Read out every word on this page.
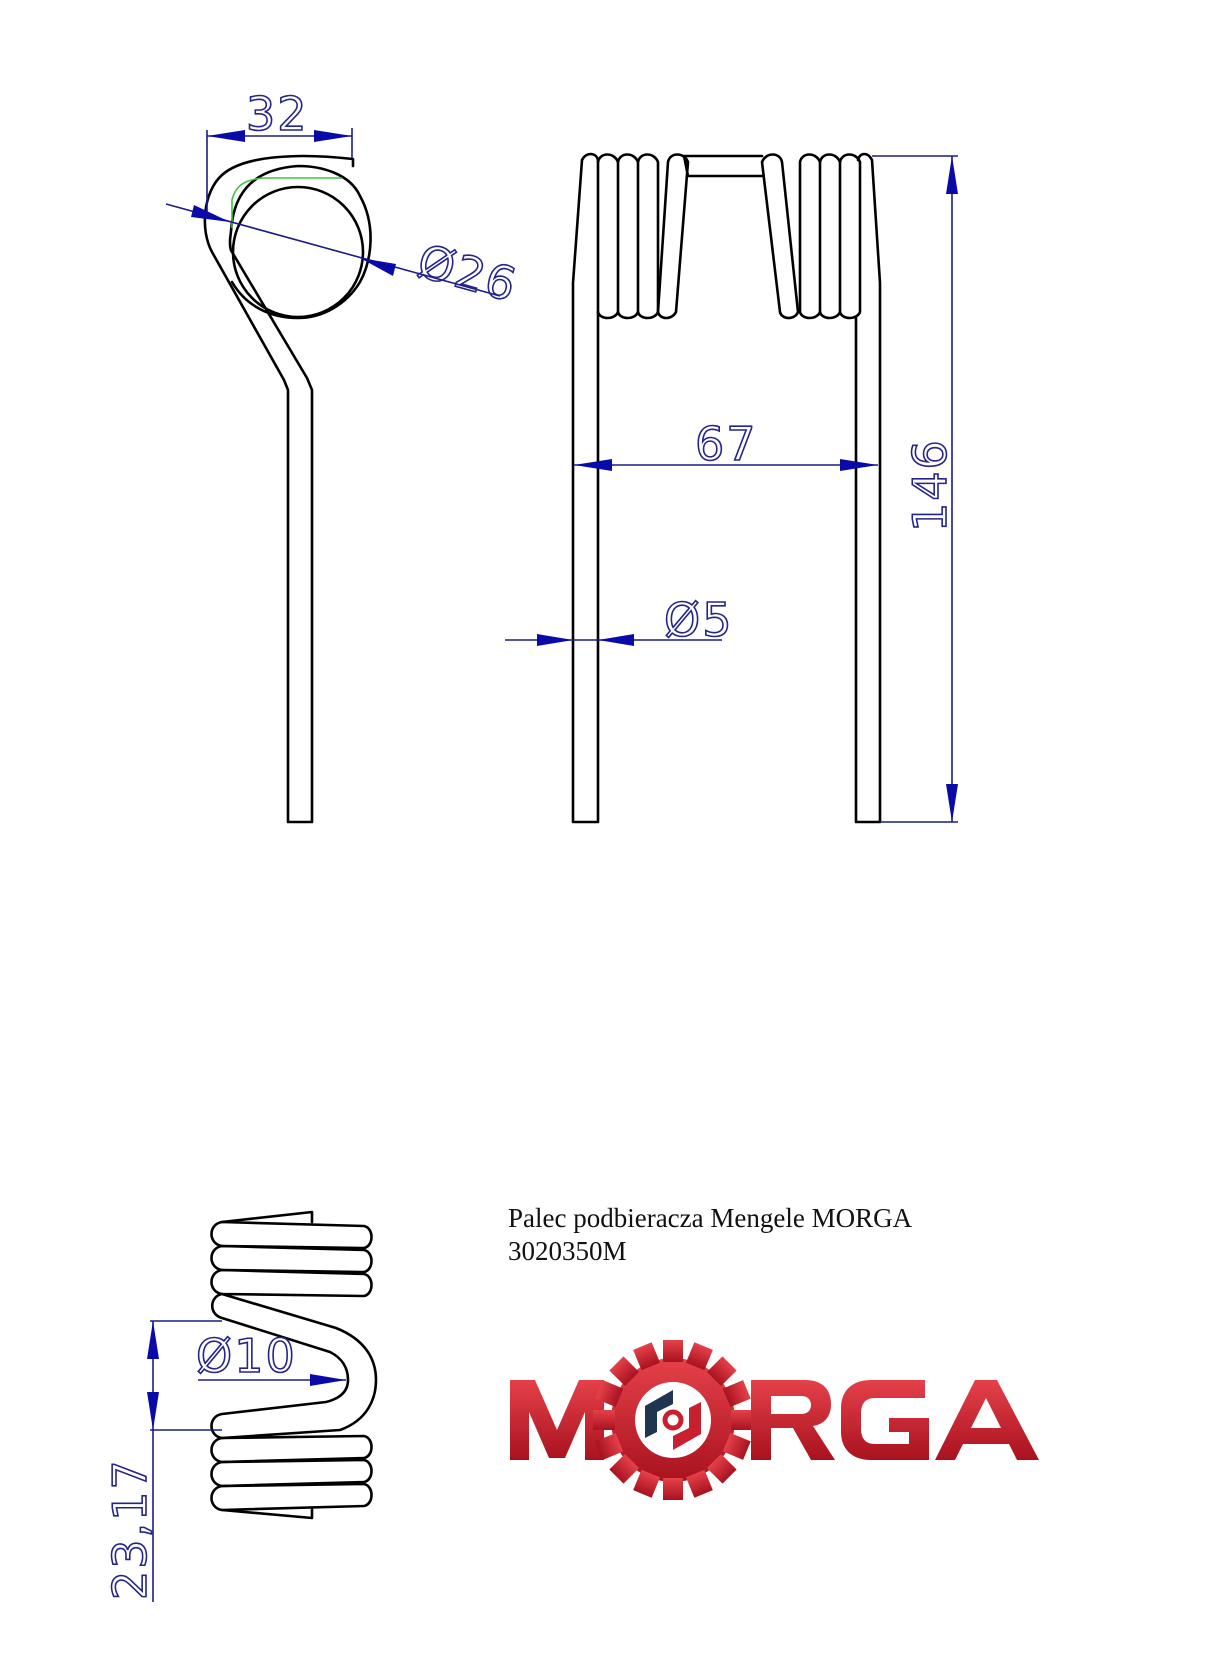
32
Ø26
67	146
Ø5
Ø10
23,17
Palec podbieracza Mengele MORGA
3020350M
